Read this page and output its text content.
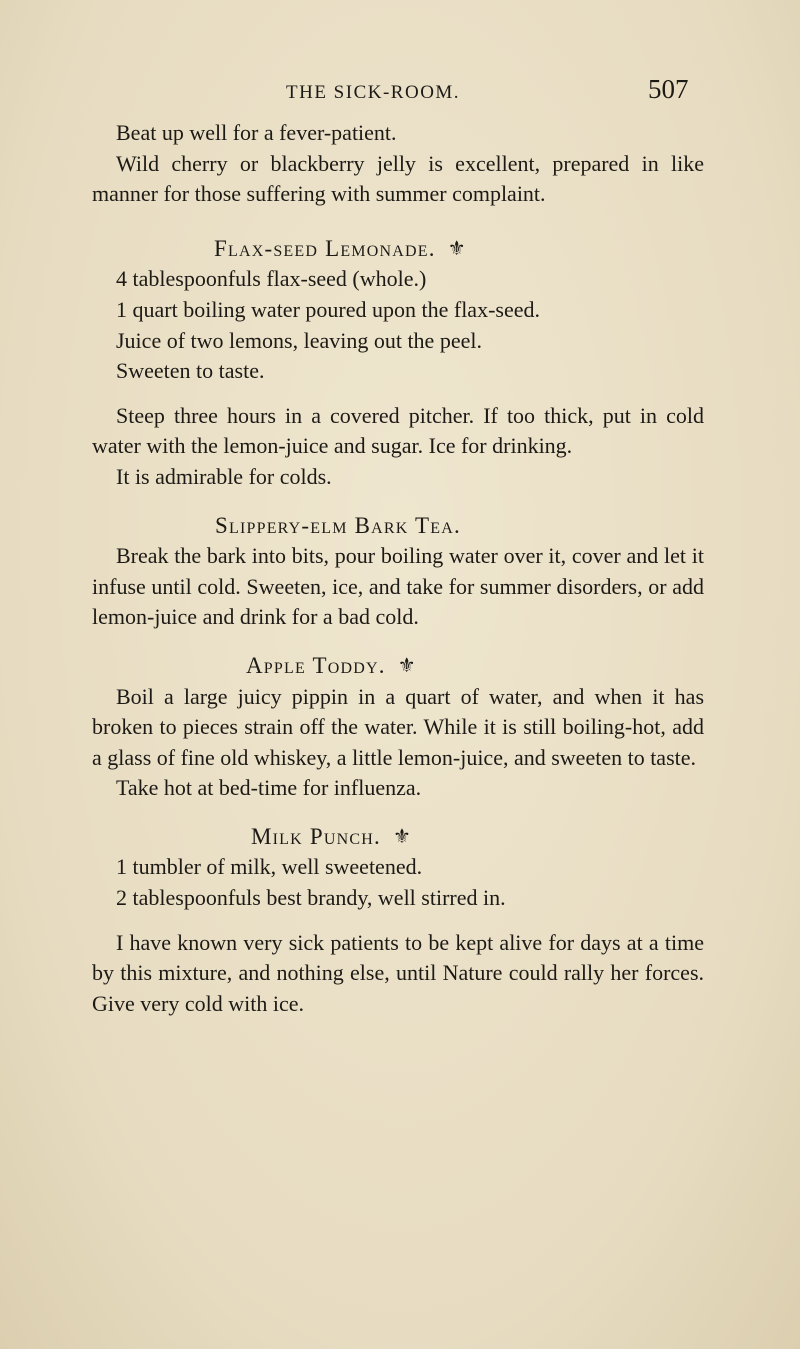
THE SICK-ROOM.	507

Beat up well for a fever-patient.

Wild cherry or blackberry jelly is excellent, prepared in like manner for those suffering with summer complaint.

Flax-seed Lemonade. ⚜

4 tablespoonfuls flax-seed (whole.)

1 quart boiling water poured upon the flax-seed.

Juice of two lemons, leaving out the peel.

Sweeten to taste.

Steep three hours in a covered pitcher. If too thick, put in cold water with the lemon-juice and sugar. Ice for drinking.

It is admirable for colds.

Slippery-elm Bark Tea.

Break the bark into bits, pour boiling water over it, cover and let it infuse until cold. Sweeten, ice, and take for summer disorders, or add lemon-juice and drink for a bad cold.

Apple Toddy. ⚜

Boil a large juicy pippin in a quart of water, and when it has broken to pieces strain off the water. While it is still boiling-hot, add a glass of fine old whiskey, a little lemon-juice, and sweeten to taste.

Take hot at bed-time for influenza.

Milk Punch. ⚜

1 tumbler of milk, well sweetened.

2 tablespoonfuls best brandy, well stirred in.

I have known very sick patients to be kept alive for days at a time by this mixture, and nothing else, until Nature could rally her forces. Give very cold with ice.
